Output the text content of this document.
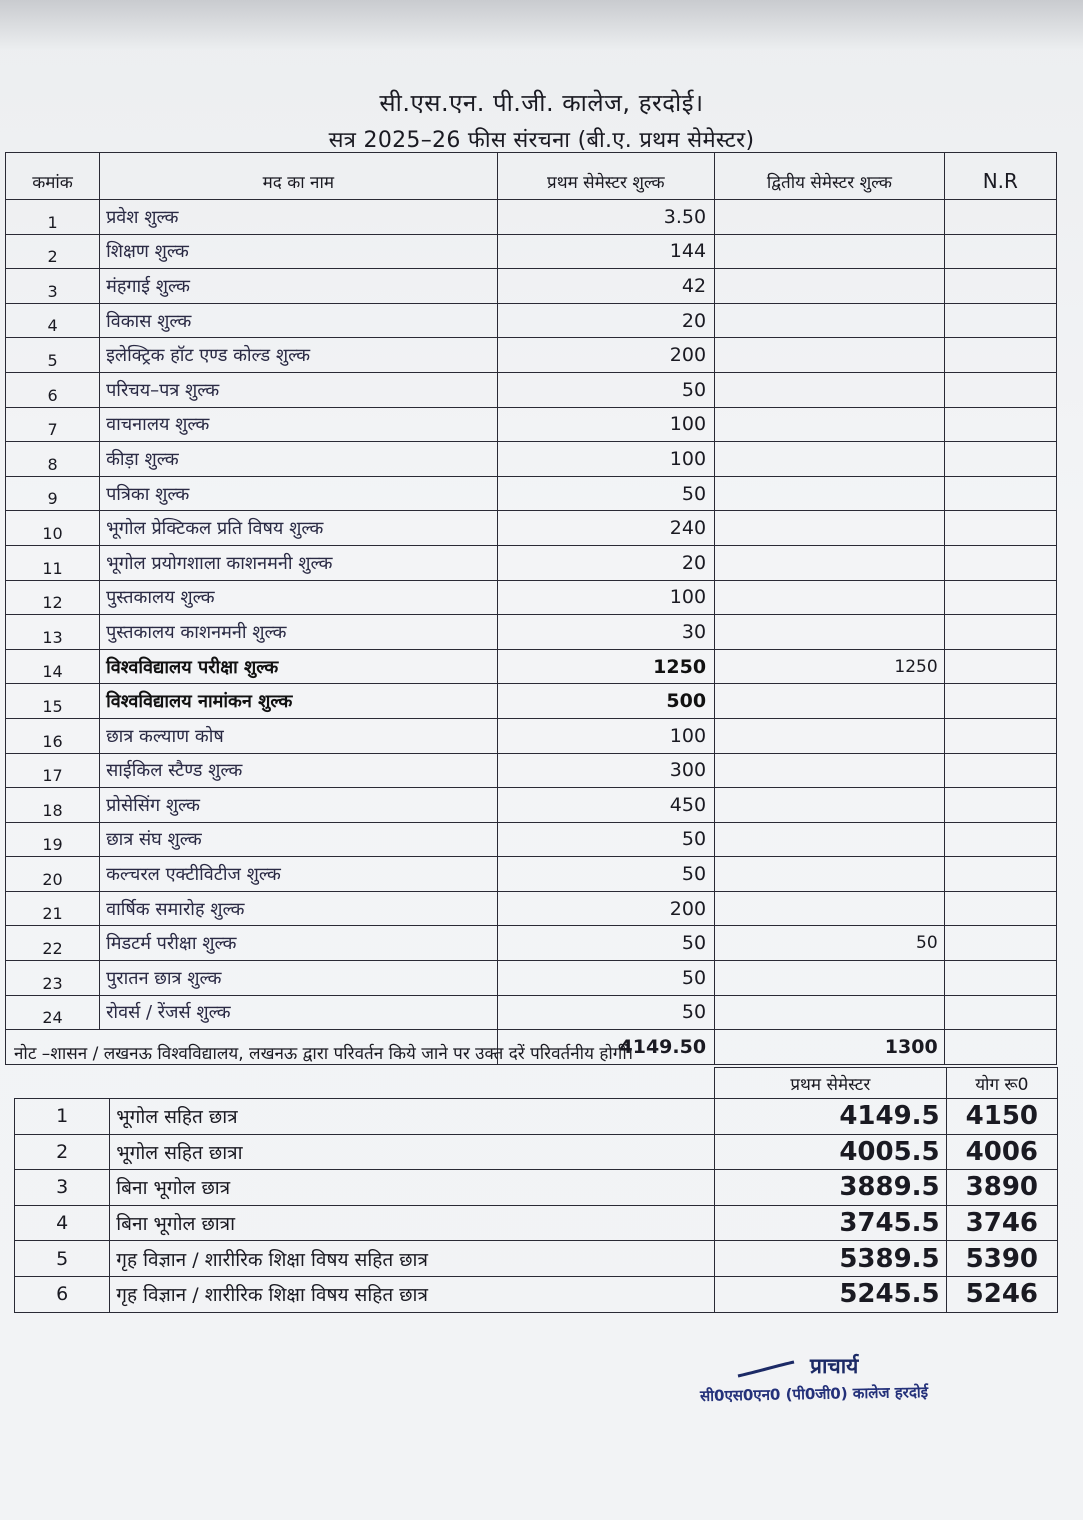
सी.एस.एन. पी.जी. कालेज, हरदोई।
सत्र 2025–26 फीस संरचना (बी.ए. प्रथम सेमेस्टर)
कमांक	मद का नाम	प्रथम सेमेस्टर शुल्क	द्वितीय सेमेस्टर शुल्क	N.R
1	प्रवेश शुल्क	3.50		
2	शिक्षण शुल्क	144		
3	मंहगाई शुल्क	42		
4	विकास शुल्क	20		
5	इलेक्ट्रिक हॉट एण्ड कोल्ड शुल्क	200		
6	परिचय–पत्र शुल्क	50		
7	वाचनालय शुल्क	100		
8	कीड़ा शुल्क	100		
9	पत्रिका शुल्क	50		
10	भूगोल प्रेक्टिकल प्रति विषय शुल्क	240		
11	भूगोल प्रयोगशाला काशनमनी शुल्क	20		
12	पुस्तकालय शुल्क	100		
13	पुस्तकालय काशनमनी शुल्क	30		
14	विश्वविद्यालय परीक्षा शुल्क	1250	1250	
15	विश्वविद्यालय नामांकन शुल्क	500		
16	छात्र कल्याण कोष	100		
17	साईकिल स्टैण्ड शुल्क	300		
18	प्रोसेसिंग शुल्क	450		
19	छात्र संघ शुल्क	50		
20	कल्चरल एक्टीविटीज शुल्क	50		
21	वार्षिक समारोह शुल्क	200		
22	मिडटर्म परीक्षा शुल्क	50	50	
23	पुरातन छात्र शुल्क	50		
24	रोवर्स / रेंजर्स शुल्क	50		
		4149.50	1300	
नोट –शासन / लखनऊ विश्वविद्यालय, लखनऊ द्वारा परिवर्तन किये जाने पर उक्त दरें परिवर्तनीय होगीं।
		प्रथम सेमेस्टर	योग रू0
1	भूगोल सहित छात्र	4149.5	4150
2	भूगोल सहित छात्रा	4005.5	4006
3	बिना भूगोल छात्र	3889.5	3890
4	बिना भूगोल छात्रा	3745.5	3746
5	गृह विज्ञान / शारीरिक शिक्षा विषय सहित छात्र	5389.5	5390
6	गृह विज्ञान / शारीरिक शिक्षा विषय सहित छात्र	5245.5	5246
प्राचार्य
सी0एस0एन0 (पी0जी0) कालेज हरदोई
